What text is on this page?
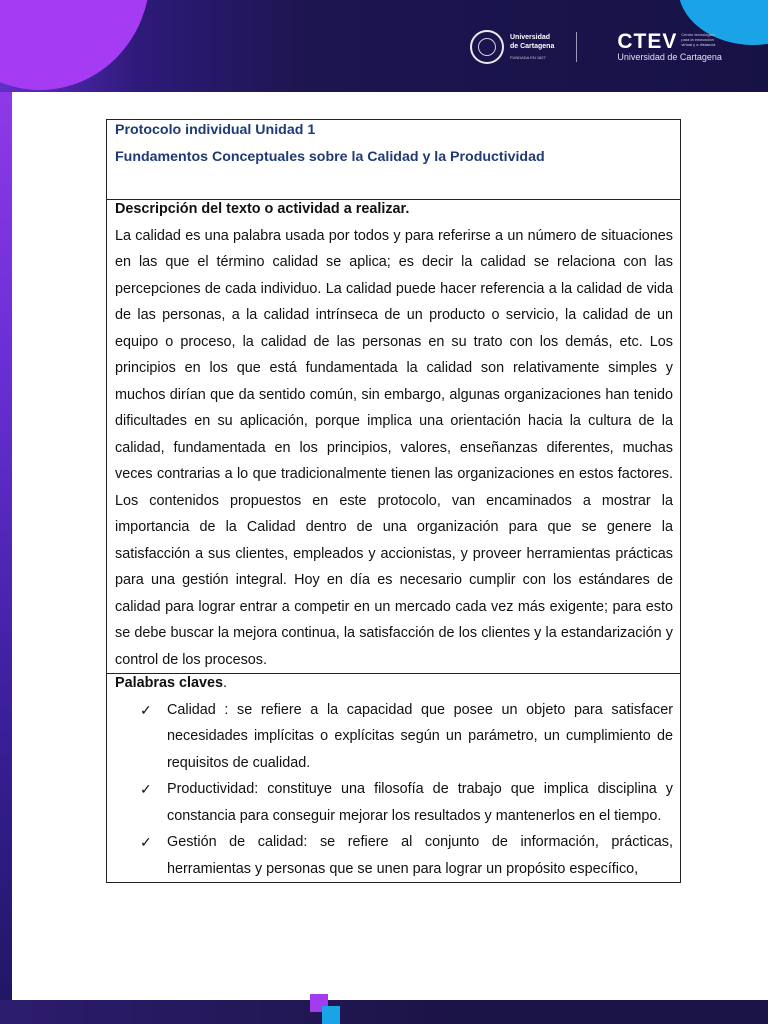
Universidad
de Cartagena
FUNDADA EN 1827
CTEV Centro tecnológico para la innovación virtual y a distancia
Universidad de Cartagena
Protocolo individual Unidad 1
Fundamentos Conceptuales sobre la Calidad y la Productividad

Descripción del texto o actividad a realizar.
La calidad es una palabra usada por todos y para referirse a un número de situaciones en las que el término calidad se aplica; es decir la calidad se relaciona con las percepciones de cada individuo. La calidad puede hacer referencia a la calidad de vida de las personas, a la calidad intrínseca de un producto o servicio, la calidad de un equipo o proceso, la calidad de las personas en su trato con los demás, etc. Los principios en los que está fundamentada la calidad son relativamente simples y muchos dirían que da sentido común, sin embargo, algunas organizaciones han tenido dificultades en su aplicación, porque implica una orientación hacia la cultura de la calidad, fundamentada en los principios, valores, enseñanzas diferentes, muchas veces contrarias a lo que tradicionalmente tienen las organizaciones en estos factores. Los contenidos propuestos en este protocolo, van encaminados a mostrar la importancia de la Calidad dentro de una organización para que se genere la satisfacción a sus clientes, empleados y accionistas, y proveer herramientas prácticas para una gestión integral. Hoy en día es necesario cumplir con los estándares de calidad para lograr entrar a competir en un mercado cada vez más exigente; para esto se debe buscar la mejora continua, la satisfacción de los clientes y la estandarización y control de los procesos.

Palabras claves.
✓ Calidad : se refiere a la capacidad que posee un objeto para satisfacer necesidades implícitas o explícitas según un parámetro, un cumplimiento de requisitos de cualidad.
✓ Productividad: constituye una filosofía de trabajo que implica disciplina y constancia para conseguir mejorar los resultados y mantenerlos en el tiempo.
✓ Gestión de calidad: se refiere al conjunto de información, prácticas, herramientas y personas que se unen para lograr un propósito específico,
